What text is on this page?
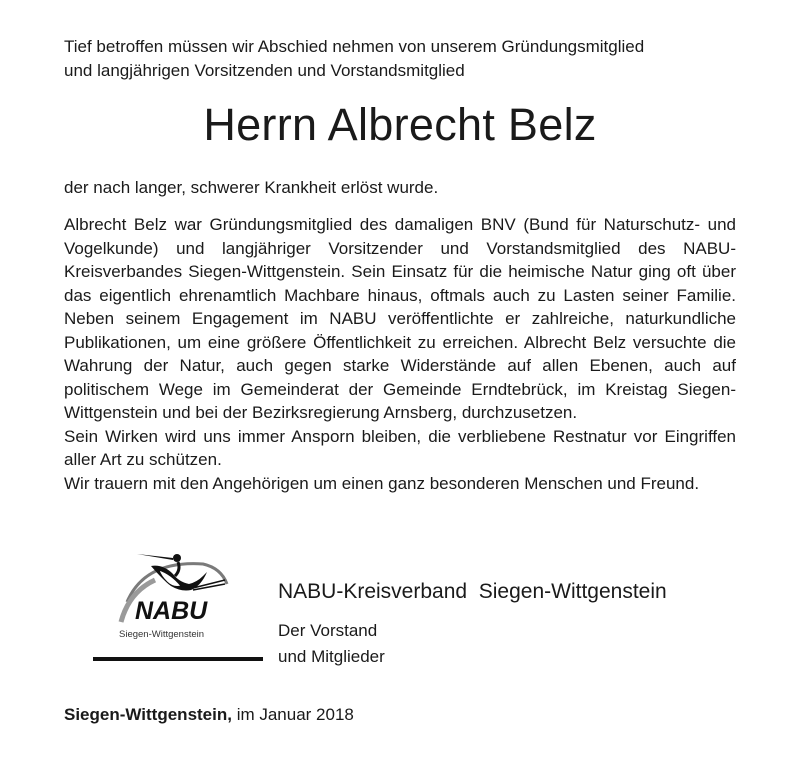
Tief betroffen müssen wir Abschied nehmen von unserem Gründungsmitglied
und langjährigen Vorsitzenden und Vorstandsmitglied
Herrn Albrecht Belz
der nach langer, schwerer Krankheit erlöst wurde.

Albrecht Belz war Gründungsmitglied des damaligen BNV (Bund für Naturschutz- und Vogelkunde) und langjähriger Vorsitzender und Vorstandsmitglied des NABU-Kreisverbandes Siegen-Wittgenstein. Sein Einsatz für die heimische Natur ging oft über das eigentlich ehrenamtlich Machbare hinaus, oftmals auch zu Lasten seiner Familie. Neben seinem Engagement im NABU veröffentlichte er zahlreiche, naturkundliche Publikationen, um eine größere Öffentlichkeit zu erreichen. Albrecht Belz versuchte die Wahrung der Natur, auch gegen starke Widerstände auf allen Ebenen, auch auf politischem Wege im Gemeinderat der Gemeinde Erndtebrück, im Kreistag Siegen-Wittgenstein und bei der Bezirksregierung Arnsberg, durchzusetzen.

Sein Wirken wird uns immer Ansporn bleiben, die verbliebene Restnatur vor Eingriffen aller Art zu schützen.

Wir trauern mit den Angehörigen um einen ganz besonderen Menschen und Freund.

NABU
Siegen-Wittgenstein
NABU-Kreisverband  Siegen-Wittgenstein
Der Vorstand
und Mitglieder
Siegen-Wittgenstein, im Januar 2018
